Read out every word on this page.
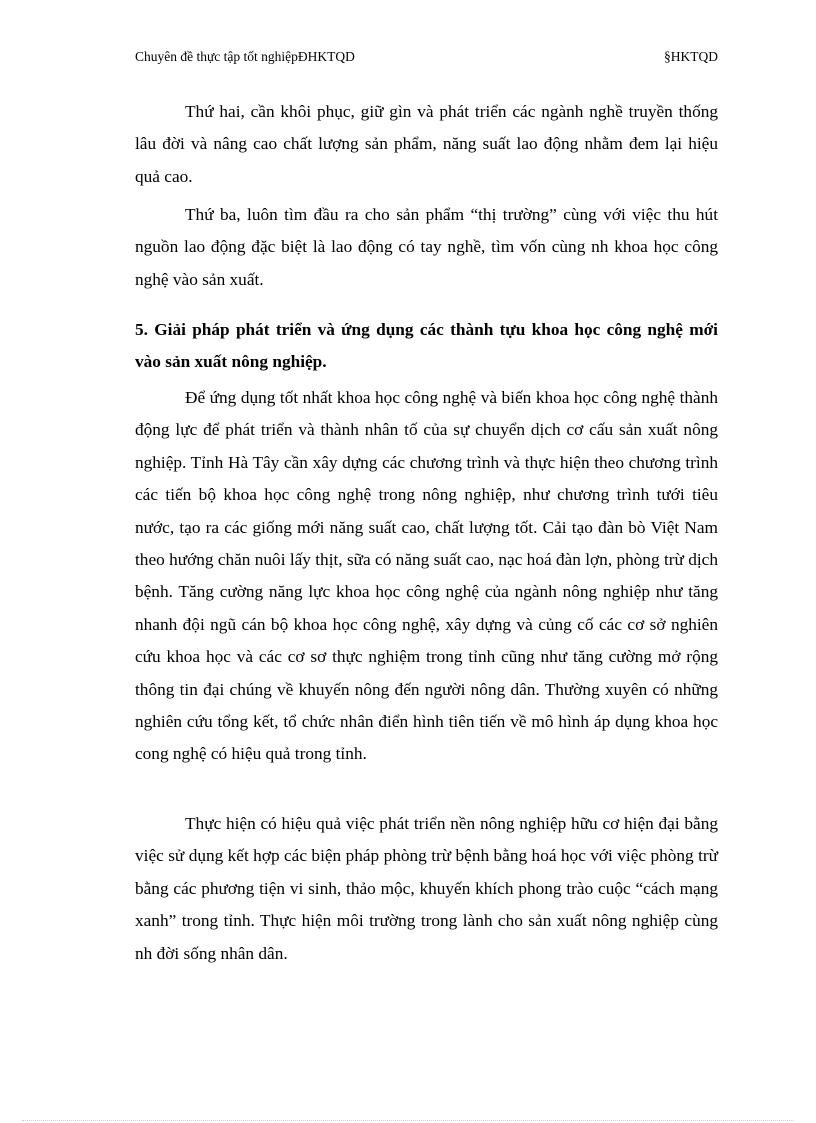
Chuyên đề thực tập tốt nghiệpĐHKTQD	§HKTQD

Thứ hai, cần khôi phục, giữ gìn và phát triển các ngành nghề truyền thống lâu đời và nâng cao chất lượng sản phẩm, năng suất lao động nhằm đem lại hiệu quả cao.

Thứ ba, luôn tìm đầu ra cho sản phẩm “thị trường” cùng với việc thu hút nguồn lao động đặc biệt là lao động có tay nghề, tìm vốn cùng nh khoa học công nghệ vào sản xuất.

5. Giải pháp phát triển và ứng dụng các thành tựu khoa học công nghệ mới vào sản xuất nông nghiệp.

Để ứng dụng tốt nhất khoa học công nghệ và biến khoa học công nghệ thành động lực để phát triển và thành nhân tố của sự chuyển dịch cơ cấu sản xuất nông nghiệp. Tỉnh Hà Tây cần xây dựng các chương trình và thực hiện theo chương trình các tiến bộ khoa học công nghệ trong nông nghiệp, như chương trình tưới tiêu nước, tạo ra các giống mới năng suất cao, chất lượng tốt. Cải tạo đàn bò Việt Nam theo hướng chăn nuôi lấy thịt, sữa có năng suất cao, nạc hoá đàn lợn, phòng trừ dịch bệnh. Tăng cường năng lực khoa học công nghệ của ngành nông nghiệp như tăng nhanh đội ngũ cán bộ khoa học công nghệ, xây dựng và củng cố các cơ sở nghiên cứu khoa học và các cơ sơ thực nghiệm trong tỉnh cũng như tăng cường mở rộng thông tin đại chúng về khuyến nông đến người nông dân. Thường xuyên có những nghiên cứu tổng kết, tổ chức nhân điển hình tiên tiến về mô hình áp dụng khoa học cong nghệ có hiệu quả trong tỉnh.

Thực hiện có hiệu quả việc phát triển nền nông nghiệp hữu cơ hiện đại bằng việc sử dụng kết hợp các biện pháp phòng trừ bệnh bằng hoá học với việc phòng trừ bằng các phương tiện vi sinh, thảo mộc, khuyến khích phong trào cuộc “cách mạng xanh” trong tỉnh. Thực hiện môi trường trong lành cho sản xuất nông nghiệp cùng nh đời sống nhân dân.
